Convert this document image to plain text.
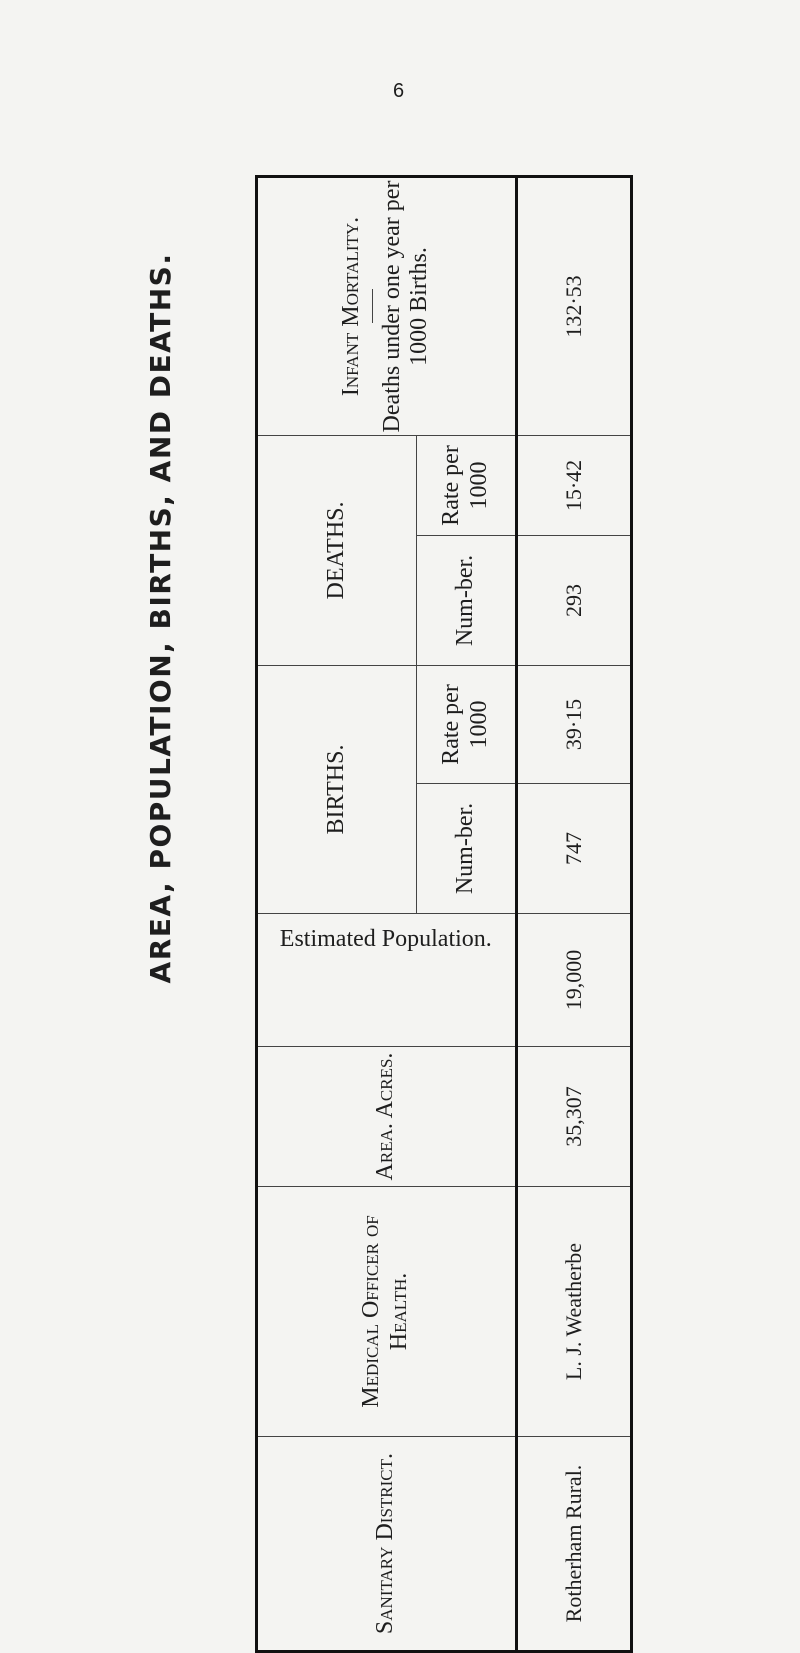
6
AREA, POPULATION, BIRTHS, AND DEATHS.
Sanitary District.	Medical Officer of Health.	Area. Acres.	Estimated Population.	BIRTHS.		DEATHS.		Infant Mortality. Deaths under one year per 1000 Births.

				Num-ber.	Rate per 1000	Num-ber.	Rate per 1000	
Rotherham Rural.	L. J. Weatherbe	35,307	19,000	747	39·15	293	15·42	132·53
